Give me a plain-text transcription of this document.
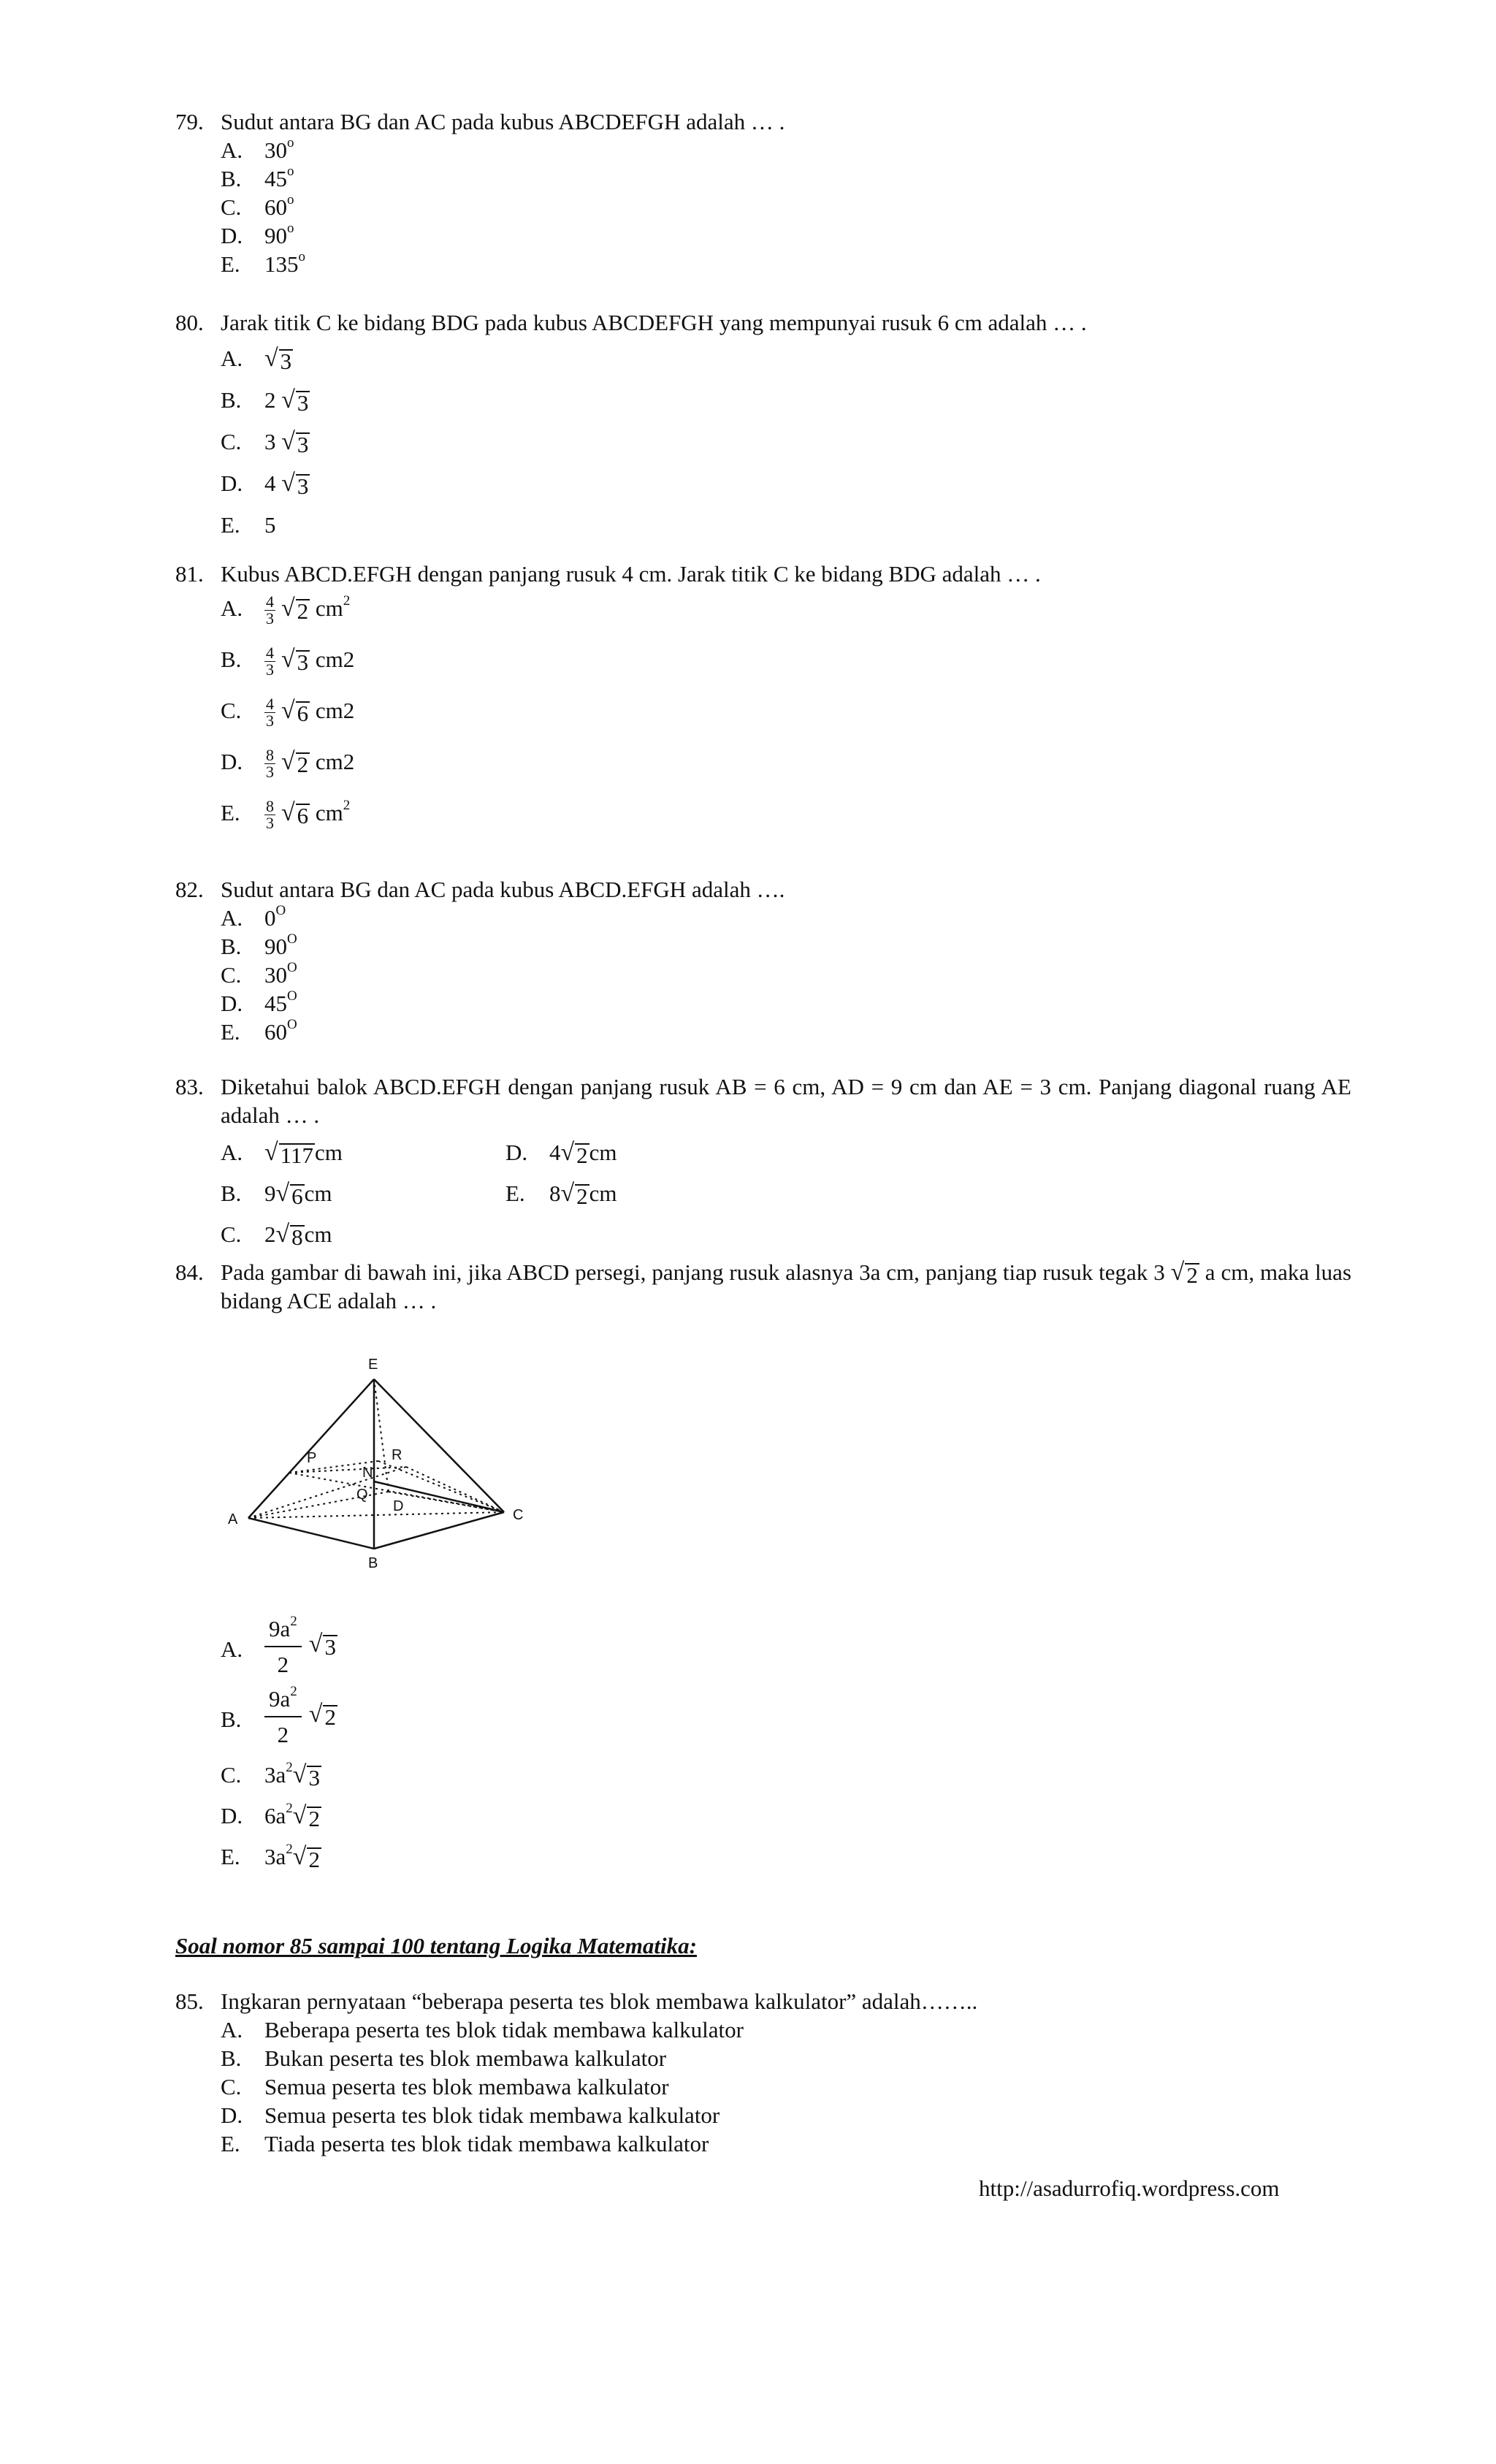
79. Sudut antara BG dan AC pada kubus ABCDEFGH adalah … .
A. 30$^o$
B.	45$^o$
C.	60$^o$
D. 90$^o$
E.	135$^o$
80. Jarak titik C ke bidang BDG pada kubus ABCDEFGH yang mempunyai rusuk 6 cm adalah … .
A. √ 3
B.	2 √ 3
C.	3 √ 3
D. 4 √ 3
E.	5
81. Kubus ABCD.EFGH dengan panjang rusuk 4 cm. Jarak titik C ke bidang BDG adalah … .
A.	$\frac{4}{3}$ √ 2 $cm^2$
B.	$\frac{4}{3}$ √ 3 cm2
C.	$\frac{4}{3}$ √ 6 cm2
D.	$\frac{8}{3}$ √ 2 cm2
E.	$\frac{8}{3}$ √ 6 $cm^2$
82. Sudut antara BG dan AC pada kubus ABCD.EFGH adalah ….
A. $0^O$
B.	$90^O$
C.	$30^O$
D. $45^O$
E.	$60^O$
83. Diketahui balok ABCD.EFGH dengan panjang rusuk AB = 6 cm, AD = 9 cm dan AE = 3 cm. Panjang diagonal ruang AE adalah … .
A. √ 117 cm
B.	9 √ 6 cm
C.	2 √ 8 cm
D. 4 √ 2 cm
E.	8 √ 2 cm
84. Pada gambar di bawah ini, jika ABCD persegi, panjang rusuk alasnya 3a cm, panjang tiap rusuk tegak 3 √ 2 a cm, maka luas bidang ACE adalah … .
E
P	R
N
Q
D
A	C
B
A. $\frac{9a^2}{2}$ √ 3
B.	$\frac{9a^2}{2}$ √ 2
C.	$3a^2$ √ 3
D. $6a^2$ √ 2
E.	$3a^2$ √ 2
Soal nomor 85 sampai 100 tentang Logika Matematika:
85. Ingkaran pernyataan “beberapa peserta tes blok membawa kalkulator” adalah……..
A. Beberapa peserta tes blok tidak membawa kalkulator
B.	Bukan peserta tes blok membawa kalkulator
C.	Semua peserta tes blok membawa kalkulator
D. Semua peserta tes blok tidak membawa kalkulator
E.	Tiada peserta tes blok tidak membawa kalkulator
http://asadurrofiq.wordpress.com
